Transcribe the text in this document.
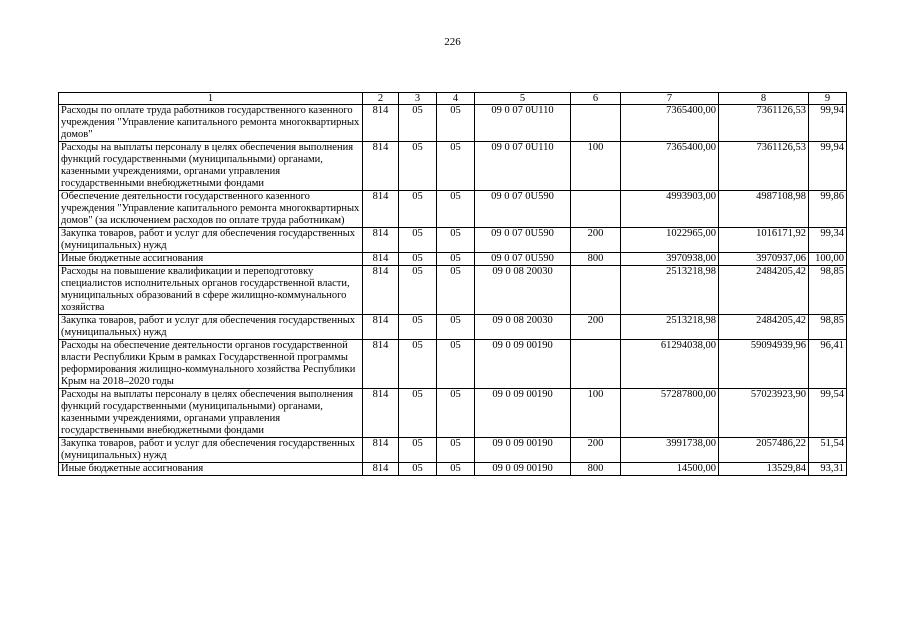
226
1	2	3	4	5	6	7	8	9
Расходы по оплате труда работников государственного казенного учреждения "Управление капитального ремонта многоквартирных домов"	814	05	05	09 0 07 0U110		7365400,00	7361126,53	99,94
Расходы на выплаты персоналу в целях обеспечения выполнения функций государственными (муниципальными) органами, казенными учреждениями, органами управления государственными внебюджетными фондами	814	05	05	09 0 07 0U110	100	7365400,00	7361126,53	99,94
Обеспечение деятельности государственного казенного учреждения "Управление капитального ремонта многоквартирных домов" (за исключением расходов по оплате труда работникам)	814	05	05	09 0 07 0U590		4993903,00	4987108,98	99,86
Закупка товаров, работ и услуг для обеспечения государственных (муниципальных) нужд	814	05	05	09 0 07 0U590	200	1022965,00	1016171,92	99,34
Иные бюджетные ассигнования	814	05	05	09 0 07 0U590	800	3970938,00	3970937,06	100,00
Расходы на повышение квалификации и переподготовку специалистов исполнительных органов государственной власти, муниципальных образований в сфере жилищно-коммунального хозяйства	814	05	05	09 0 08 20030		2513218,98	2484205,42	98,85
Закупка товаров, работ и услуг для обеспечения государственных (муниципальных) нужд	814	05	05	09 0 08 20030	200	2513218,98	2484205,42	98,85
Расходы на обеспечение деятельности органов государственной власти Республики Крым в рамках Государственной программы реформирования жилищно-коммунального хозяйства Республики Крым на 2018–2020 годы	814	05	05	09 0 09 00190		61294038,00	59094939,96	96,41
Расходы на выплаты персоналу в целях обеспечения выполнения функций государственными (муниципальными) органами, казенными учреждениями, органами управления государственными внебюджетными фондами	814	05	05	09 0 09 00190	100	57287800,00	57023923,90	99,54
Закупка товаров, работ и услуг для обеспечения государственных (муниципальных) нужд	814	05	05	09 0 09 00190	200	3991738,00	2057486,22	51,54
Иные бюджетные ассигнования	814	05	05	09 0 09 00190	800	14500,00	13529,84	93,31
